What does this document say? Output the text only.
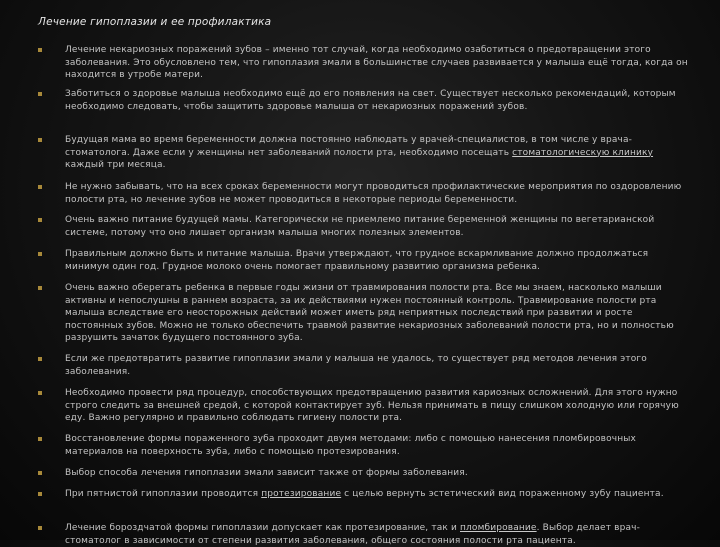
Лечение гипоплазии и ее профилактика
Лечение некариозных поражений зубов – именно тот случай, когда необходимо озаботиться о предотвращении этого заболевания. Это обусловлено тем, что гипоплазия эмали в большинстве случаев развивается у малыша ещё тогда, когда он находится в утробе матери.
Заботиться о здоровье малыша необходимо ещё до его появления на свет. Существует несколько рекомендаций, которым необходимо следовать, чтобы защитить здоровье малыша от некариозных поражений зубов.
Будущая мама во время беременности должна постоянно наблюдать у врачей-специалистов, в том числе у врача-стоматолога. Даже если у женщины нет заболеваний полости рта, необходимо посещать стоматологическую клинику каждый три месяца.
Не нужно забывать, что на всех сроках беременности могут проводиться профилактические мероприятия по оздоровлению полости рта, но лечение зубов не может проводиться в некоторые периоды беременности.
Очень важно питание будущей мамы. Категорически не приемлемо питание беременной женщины по вегетарианской системе, потому что оно лишает организм малыша многих полезных элементов.
Правильным должно быть и питание малыша. Врачи утверждают, что грудное вскармливание должно продолжаться минимум один год. Грудное молоко очень помогает правильному развитию организма ребенка.
Очень важно оберегать ребенка в первые годы жизни от травмирования полости рта. Все мы знаем, насколько малыши активны и непослушны в раннем возраста, за их действиями нужен постоянный контроль. Травмирование полости рта малыша вследствие его неосторожных действий может иметь ряд неприятных последствий при развитии и росте постоянных зубов. Можно не только обеспечить травмой развитие некариозных заболеваний полости рта, но и полностью разрушить зачаток будущего постоянного зуба.
Если же предотвратить развитие гипоплазии эмали у малыша не удалось, то существует ряд методов лечения этого заболевания.
Необходимо провести ряд процедур, способствующих предотвращению развития кариозных осложнений. Для этого нужно строго следить за внешней средой, с которой контактирует зуб. Нельзя принимать в пищу слишком холодную или горячую еду. Важно регулярно и правильно соблюдать гигиену полости рта.
Восстановление формы пораженного зуба проходит двумя методами: либо с помощью нанесения пломбировочных материалов на поверхность зуба, либо с помощью протезирования.
Выбор способа лечения гипоплазии эмали зависит также от формы заболевания.
При пятнистой гипоплазии проводится протезирование с целью вернуть эстетический вид пораженному зубу пациента.
Лечение бороздчатой формы гипоплазии допускает как протезирование, так и пломбирование. Выбор делает врач-стоматолог в зависимости от степени развития заболевания, общего состояния полости рта пациента.
